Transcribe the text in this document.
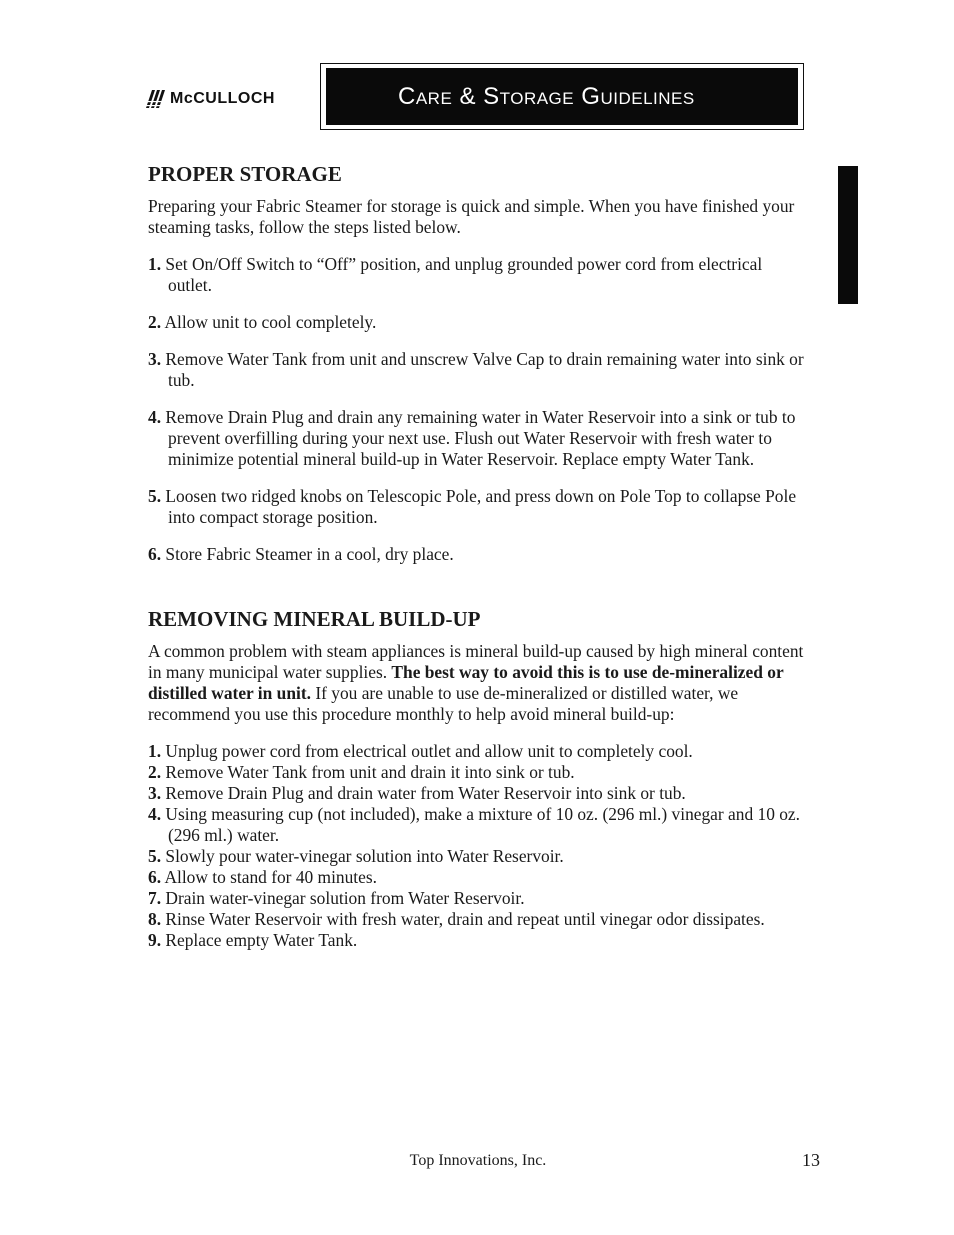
McCULLOCH	Care & Storage Guidelines
PROPER STORAGE

Preparing your Fabric Steamer for storage is quick and simple. When you have finished your steaming tasks, follow the steps listed below.

1. Set On/Off Switch to “Off” position, and unplug grounded power cord from electrical outlet.
2. Allow unit to cool completely.
3. Remove Water Tank from unit and unscrew Valve Cap to drain remaining water into sink or tub.
4. Remove Drain Plug and drain any remaining water in Water Reservoir into a sink or tub to prevent overfilling during your next use. Flush out Water Reservoir with fresh water to minimize potential mineral build-up in Water Reservoir. Replace empty Water Tank.
5. Loosen two ridged knobs on Telescopic Pole, and press down on Pole Top to collapse Pole into compact storage position.
6. Store Fabric Steamer in a cool, dry place.
REMOVING MINERAL BUILD-UP

A common problem with steam appliances is mineral build-up caused by high mineral content in many municipal water supplies. The best way to avoid this is to use de-mineralized or distilled water in unit. If you are unable to use de-mineralized or distilled water, we recommend you use this procedure monthly to help avoid mineral build-up:

1. Unplug power cord from electrical outlet and allow unit to completely cool.
2. Remove Water Tank from unit and drain it into sink or tub.
3. Remove Drain Plug and drain water from Water Reservoir into sink or tub.
4. Using measuring cup (not included), make a mixture of 10 oz. (296 ml.) vinegar and 10 oz. (296 ml.) water.
5. Slowly pour water-vinegar solution into Water Reservoir.
6. Allow to stand for 40 minutes.
7. Drain water-vinegar solution from Water Reservoir.
8. Rinse Water Reservoir with fresh water, drain and repeat until vinegar odor dissipates.
9. Replace empty Water Tank.
Top Innovations, Inc.	13
